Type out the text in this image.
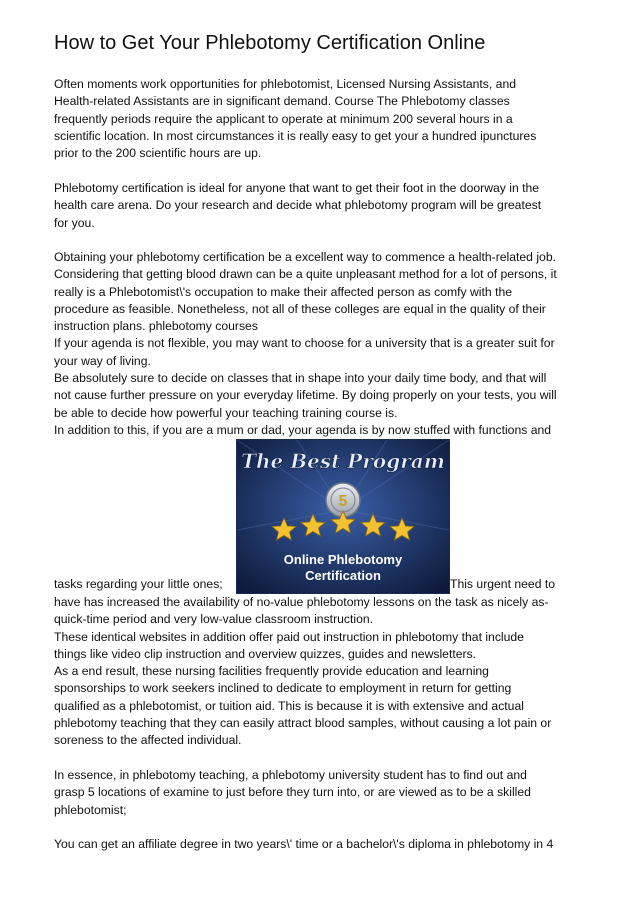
How to Get Your Phlebotomy Certification Online
Often moments work opportunities for phlebotomist, Licensed Nursing Assistants, and
Health-related Assistants are in significant demand. Course The Phlebotomy classes
frequently periods require the applicant to operate at minimum 200 several hours in a
scientific location. In most circumstances it is really easy to get your a hundred ipunctures
prior to the 200 scientific hours are up.
Phlebotomy certification is ideal for anyone that want to get their foot in the doorway in the
health care arena. Do your research and decide what phlebotomy program will be greatest
for you.
Obtaining your phlebotomy certification be a excellent way to commence a health-related job.
Considering that getting blood drawn can be a quite unpleasant method for a lot of persons, it
really is a Phlebotomist\'s occupation to make their affected person as comfy with the
procedure as feasible. Nonetheless, not all of these colleges are equal in the quality of their
instruction plans. phlebotomy courses
If your agenda is not flexible, you may want to choose for a university that is a greater suit for
your way of living.
Be absolutely sure to decide on classes that in shape into your daily time body, and that will
not cause further pressure on your everyday lifetime. By doing properly on your tests, you will
be able to decide how powerful your teaching training course is.
In addition to this, if you are a mum or dad, your agenda is by now stuffed with functions and
The Best Program
5
Online Phlebotomy
Certification
tasks regarding your little ones;	This urgent need to
have has increased the availability of no-value phlebotomy lessons on the task as nicely as-
quick-time period and very low-value classroom instruction.
These identical websites in addition offer paid out instruction in phlebotomy that include
things like video clip instruction and overview quizzes, guides and newsletters.
As a end result, these nursing facilities frequently provide education and learning
sponsorships to work seekers inclined to dedicate to employment in return for getting
qualified as a phlebotomist, or tuition aid. This is because it is with extensive and actual
phlebotomy teaching that they can easily attract blood samples, without causing a lot pain or
soreness to the affected individual.
In essence, in phlebotomy teaching, a phlebotomy university student has to find out and
grasp 5 locations of examine to just before they turn into, or are viewed as to be a skilled
phlebotomist;
You can get an affiliate degree in two years\' time or a bachelor\'s diploma in phlebotomy in 4
